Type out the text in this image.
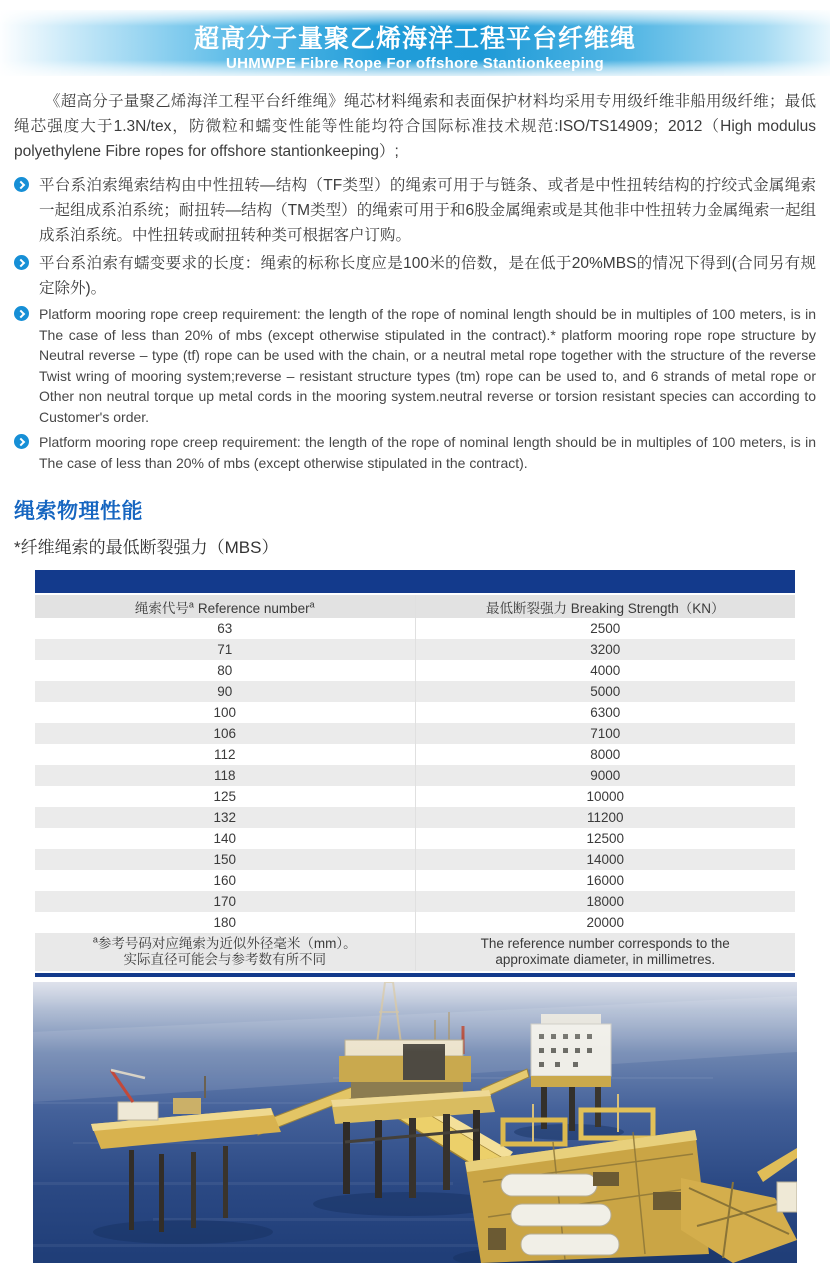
超高分子量聚乙烯海洋工程平台纤维绳
UHMWPE Fibre Rope For offshore Stantionkeeping

《超高分子量聚乙烯海洋工程平台纤维绳》绳芯材料绳索和表面保护材料均采用专用级纤维非船用级纤维；最低绳芯强度大于1.3N/tex，防微粒和蠕变性能等性能均符合国际标准技术规范:ISO/TS14909；2012（High modulus polyethylene Fibre ropes for offshore stantionkeeping）;

平台系泊索绳索结构由中性扭转—结构（TF类型）的绳索可用于与链条、或者是中性扭转结构的拧绞式金属绳索一起组成系泊系统；耐扭转—结构（TM类型）的绳索可用于和6股金属绳索或是其他非中性扭转力金属绳索一起组成系泊系统。中性扭转或耐扭转种类可根据客户订购。
平台系泊索有蠕变要求的长度：绳索的标称长度应是100米的倍数，是在低于20%MBS的情况下得到(合同另有规定除外)。
Platform mooring rope creep requirement: the length of the rope of nominal length should be in multiples of 100 meters, is in The case of less than 20% of mbs (except otherwise stipulated in the contract).* platform mooring rope rope structure by Neutral reverse – type (tf) rope can be used with the chain, or a neutral metal rope together with the structure of the reverse Twist wring of mooring system;reverse – resistant structure types (tm) rope can be used to, and 6 strands of metal rope or Other non neutral torque up metal cords in the mooring system.neutral reverse or torsion resistant species can according to Customer's order.
Platform mooring rope creep requirement: the length of the rope of nominal length should be in multiples of 100 meters, is in The case of less than 20% of mbs (except otherwise stipulated in the contract).
绳索物理性能

*纤维绳索的最低断裂强力（MBS）

绳索代号$^a$ Reference number$^a$	最低断裂强力 Breaking Strength（KN）
63	2500
71	3200
80	4000
90	5000
100	6300
106	7100
112	8000
118	9000
125	10000
132	11200
140	12500
150	14000
160	16000
170	18000
180	20000
$^a$参考号码对应绳索为近似外径毫米（mm）。
实际直径可能会与参考数有所不同	The reference number corresponds to the
approximate diameter, in millimetres.
